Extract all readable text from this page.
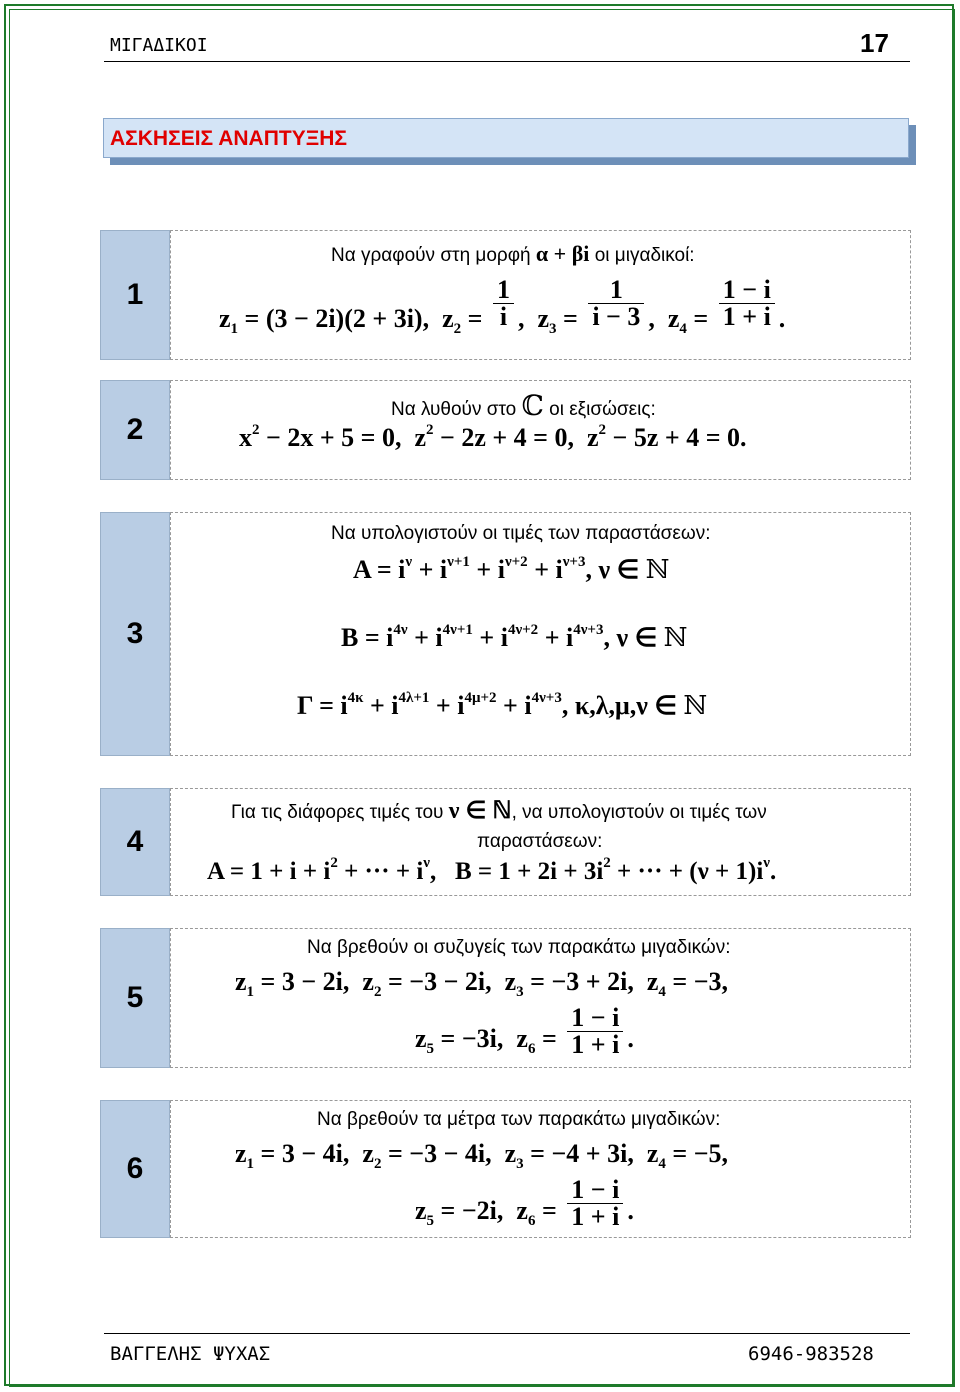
ΜΙΓΑΔΙΚΟΙ	17
ΑΣΚΗΣΕΙΣ ΑΝΑΠΤΥΞΗΣ
1
Να γραφούν στη μορφή α + βi οι μιγαδικοί:
$z_1 = (3 - 2i)(2 + 3i)$,  $z_2 = \frac{1}{i}$ ,  $z_3 = \frac{1}{i - 3}$ ,  $z_4 = \frac{1 - i}{1 + i}$ .
2
Να λυθούν στο ℂ οι εξισώσεις:
$x^2 - 2x + 5 = 0$,  $z^2 - 2z + 4 = 0$,  $z^2 - 5z + 4 = 0$.
3
Να υπολογιστούν οι τιμές των παραστάσεων:
$A = i^\nu + i^{\nu+1} + i^{\nu+2} + i^{\nu+3}$, ν ∈ ℕ
$B = i^{4\nu} + i^{4\nu+1} + i^{4\nu+2} + i^{4\nu+3}$, ν ∈ ℕ
$\Gamma = i^{4\kappa} + i^{4\lambda+1} + i^{4\mu+2} + i^{4\nu+3}$, κ,λ,μ,ν ∈ ℕ
4
Για τις διάφορες τιμές του ν ∈ ℕ, να υπολογιστούν οι τιμές των
παραστάσεων:
$A = 1 + i + i^2$ + ··· + $i^\nu$,   $B = 1 + 2i + 3i^2$ + ··· + $(\nu + 1)i^\nu$.
5
Να βρεθούν οι συζυγείς των παρακάτω μιγαδικών:
$z_1 = 3 - 2i$,  $z_2 = -3 - 2i$,  $z_3 = -3 + 2i$,  $z_4 = -3$,
$z_5 = -3i$,  $z_6 = \frac{1 - i}{1 + i}$ .
6
Να βρεθούν τα μέτρα των παρακάτω μιγαδικών:
$z_1 = 3 - 4i$,  $z_2 = -3 - 4i$,  $z_3 = -4 + 3i$,  $z_4 = -5$,
$z_5 = -2i$,  $z_6 = \frac{1 - i}{1 + i}$ .
ΒΑΓΓΕΛΗΣ ΨΥΧΑΣ	6946-983528
